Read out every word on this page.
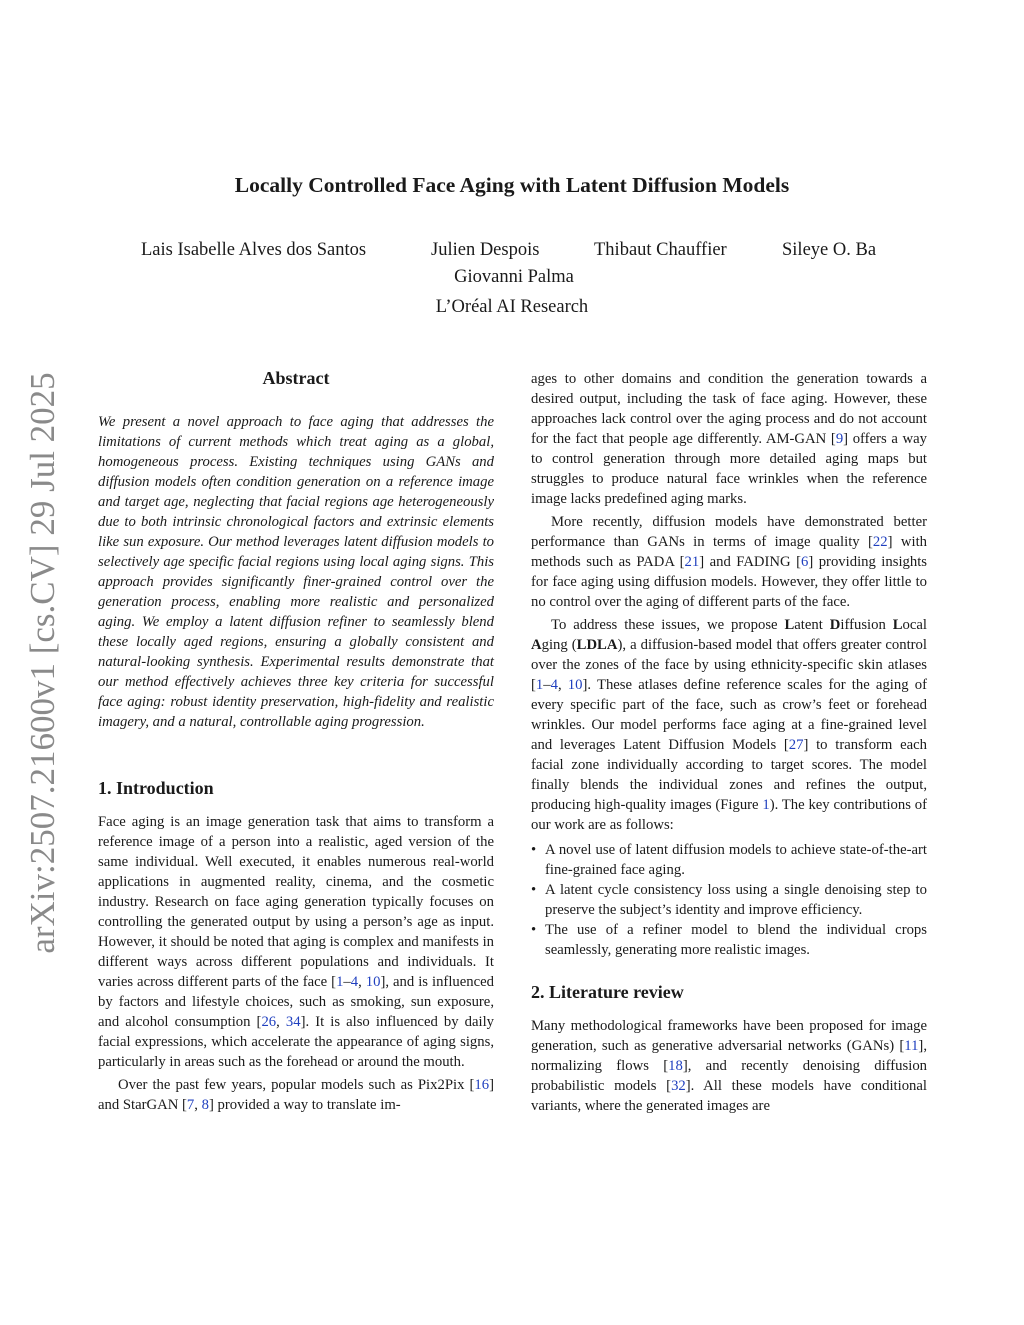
Locally Controlled Face Aging with Latent Diffusion Models
Lais Isabelle Alves dos Santos	Julien Despois	Thibaut Chauffier	Sileye O. Ba
Giovanni Palma
L’Oréal AI Research
arXiv:2507.21600v1 [cs.CV] 29 Jul 2025	Abstract

We present a novel approach to face aging that addresses the limitations of current methods which treat aging as a global, homogeneous process. Existing techniques using GANs and diffusion models often condition generation on a reference image and target age, neglecting that facial regions age heterogeneously due to both intrinsic chronological factors and extrinsic elements like sun exposure. Our method leverages latent diffusion models to selectively age specific facial regions using local aging signs. This approach provides significantly finer-grained control over the generation process, enabling more realistic and personalized aging. We employ a latent diffusion refiner to seamlessly blend these locally aged regions, ensuring a globally consistent and natural-looking synthesis. Experimental results demonstrate that our method effectively achieves three key criteria for successful face aging: robust identity preservation, high-fidelity and realistic imagery, and a natural, controllable aging progression.

1. Introduction

Face aging is an image generation task that aims to transform a reference image of a person into a realistic, aged version of the same individual. Well executed, it enables numerous real-world applications in augmented reality, cinema, and the cosmetic industry. Research on face aging generation typically focuses on controlling the generated output by using a person’s age as input. However, it should be noted that aging is complex and manifests in different ways across different populations and individuals. It varies across different parts of the face [1–4, 10], and is influenced by factors and lifestyle choices, such as smoking, sun exposure, and alcohol consumption [26, 34]. It is also influenced by daily facial expressions, which accelerate the appearance of aging signs, particularly in areas such as the forehead or around the mouth.

Over the past few years, popular models such as Pix2Pix [16] and StarGAN [7, 8] provided a way to translate im-

ages to other domains and condition the generation towards a desired output, including the task of face aging. However, these approaches lack control over the aging process and do not account for the fact that people age differently. AM-GAN [9] offers a way to control generation through more detailed aging maps but struggles to produce natural face wrinkles when the reference image lacks predefined aging marks.

More recently, diffusion models have demonstrated better performance than GANs in terms of image quality [22] with methods such as PADA [21] and FADING [6] providing insights for face aging using diffusion models. However, they offer little to no control over the aging of different parts of the face.

To address these issues, we propose Latent Diffusion Local Aging (LDLA), a diffusion-based model that offers greater control over the zones of the face by using ethnicity-specific skin atlases [1–4, 10]. These atlases define reference scales for the aging of every specific part of the face, such as crow’s feet or forehead wrinkles. Our model performs face aging at a fine-grained level and leverages Latent Diffusion Models [27] to transform each facial zone individually according to target scores. The model finally blends the individual zones and refines the output, producing high-quality images (Figure 1). The key contributions of our work are as follows:

• A novel use of latent diffusion models to achieve state-of-the-art fine-grained face aging.
• A latent cycle consistency loss using a single denoising step to preserve the subject’s identity and improve efficiency.
• The use of a refiner model to blend the individual crops seamlessly, generating more realistic images.
2. Literature review

Many methodological frameworks have been proposed for image generation, such as generative adversarial networks (GANs) [11], normalizing flows [18], and recently denoising diffusion probabilistic models [32]. All these models have conditional variants, where the generated images are
